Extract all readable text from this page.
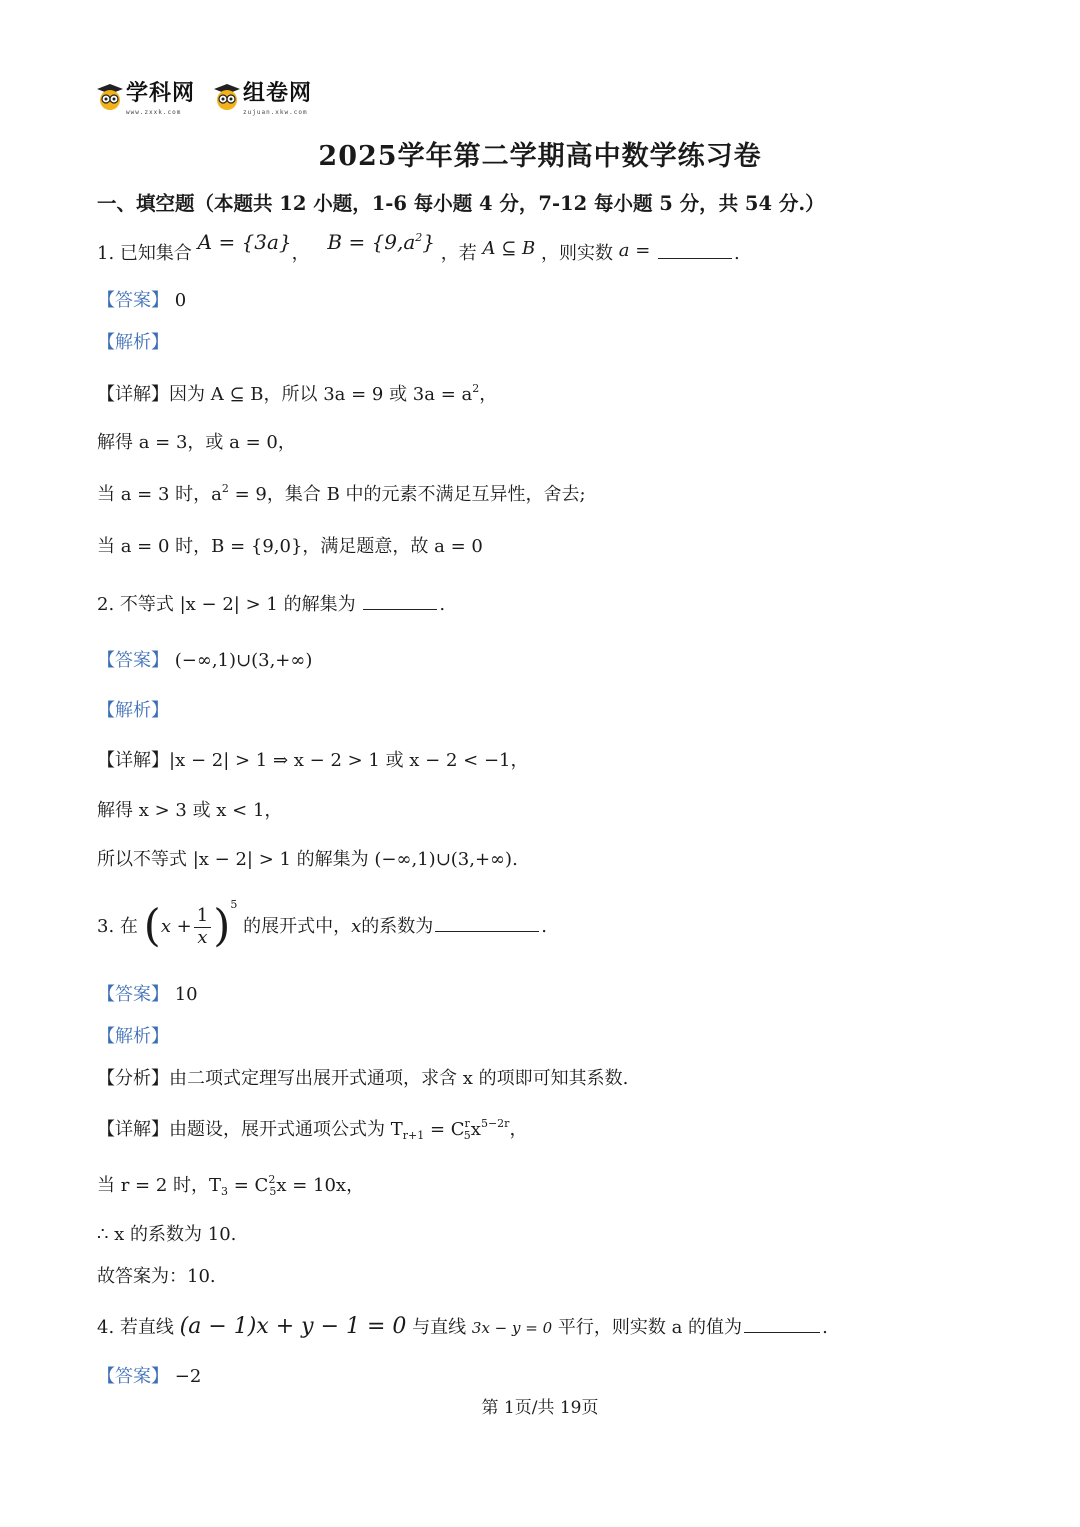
学科网
www.zxxk.com
组卷网
zujuan.xkw.com
2025学年第二学期高中数学练习卷
一、填空题（本题共 12 小题，1-6 每小题 4 分，7-12 每小题 5 分，共 54 分.）
1. 已知集合 A = {3a}， $B = \{9,a^2\}$ ，若 A ⊆ B ，则实数 a =	.
【答案】 0
【解析】
【详解】因为 A ⊆ B，所以 3a = 9 或 $3a = a^2$，
解得 a = 3，或 a = 0，
当 a = 3 时，$a^2 = 9$，集合 B 中的元素不满足互异性，舍去;
当 a = 0 时，B = {9,0}，满足题意，故 a = 0
2. 不等式 |x − 2| > 1 的解集为	.
【答案】 (−∞,1)∪(3,+∞)
【解析】
【详解】|x − 2| > 1 ⇒ x − 2 > 1 或 x − 2 < −1，
解得 x > 3 或 x < 1，
所以不等式 |x − 2| > 1 的解集为 (−∞,1)∪(3,+∞).
3. 在 $(x + \frac{1}{x} )^5$ 的展开式中，x的系数为	.
【答案】 10
【解析】
【分析】由二项式定理写出展开式通项，求含 x 的项即可知其系数.
【详解】由题设，展开式通项公式为 $T_{r+1} = C^r_5x^{5-2r}$，
当 r = 2 时，$T_3 = C^2_5x = 10x$，
∴ x 的系数为 10.
故答案为：10.
4. 若直线 (a − 1)x + y − 1 = 0 与直线 3x − y = 0 平行，则实数 a 的值为	.
【答案】 −2
第 1页/共 19页
